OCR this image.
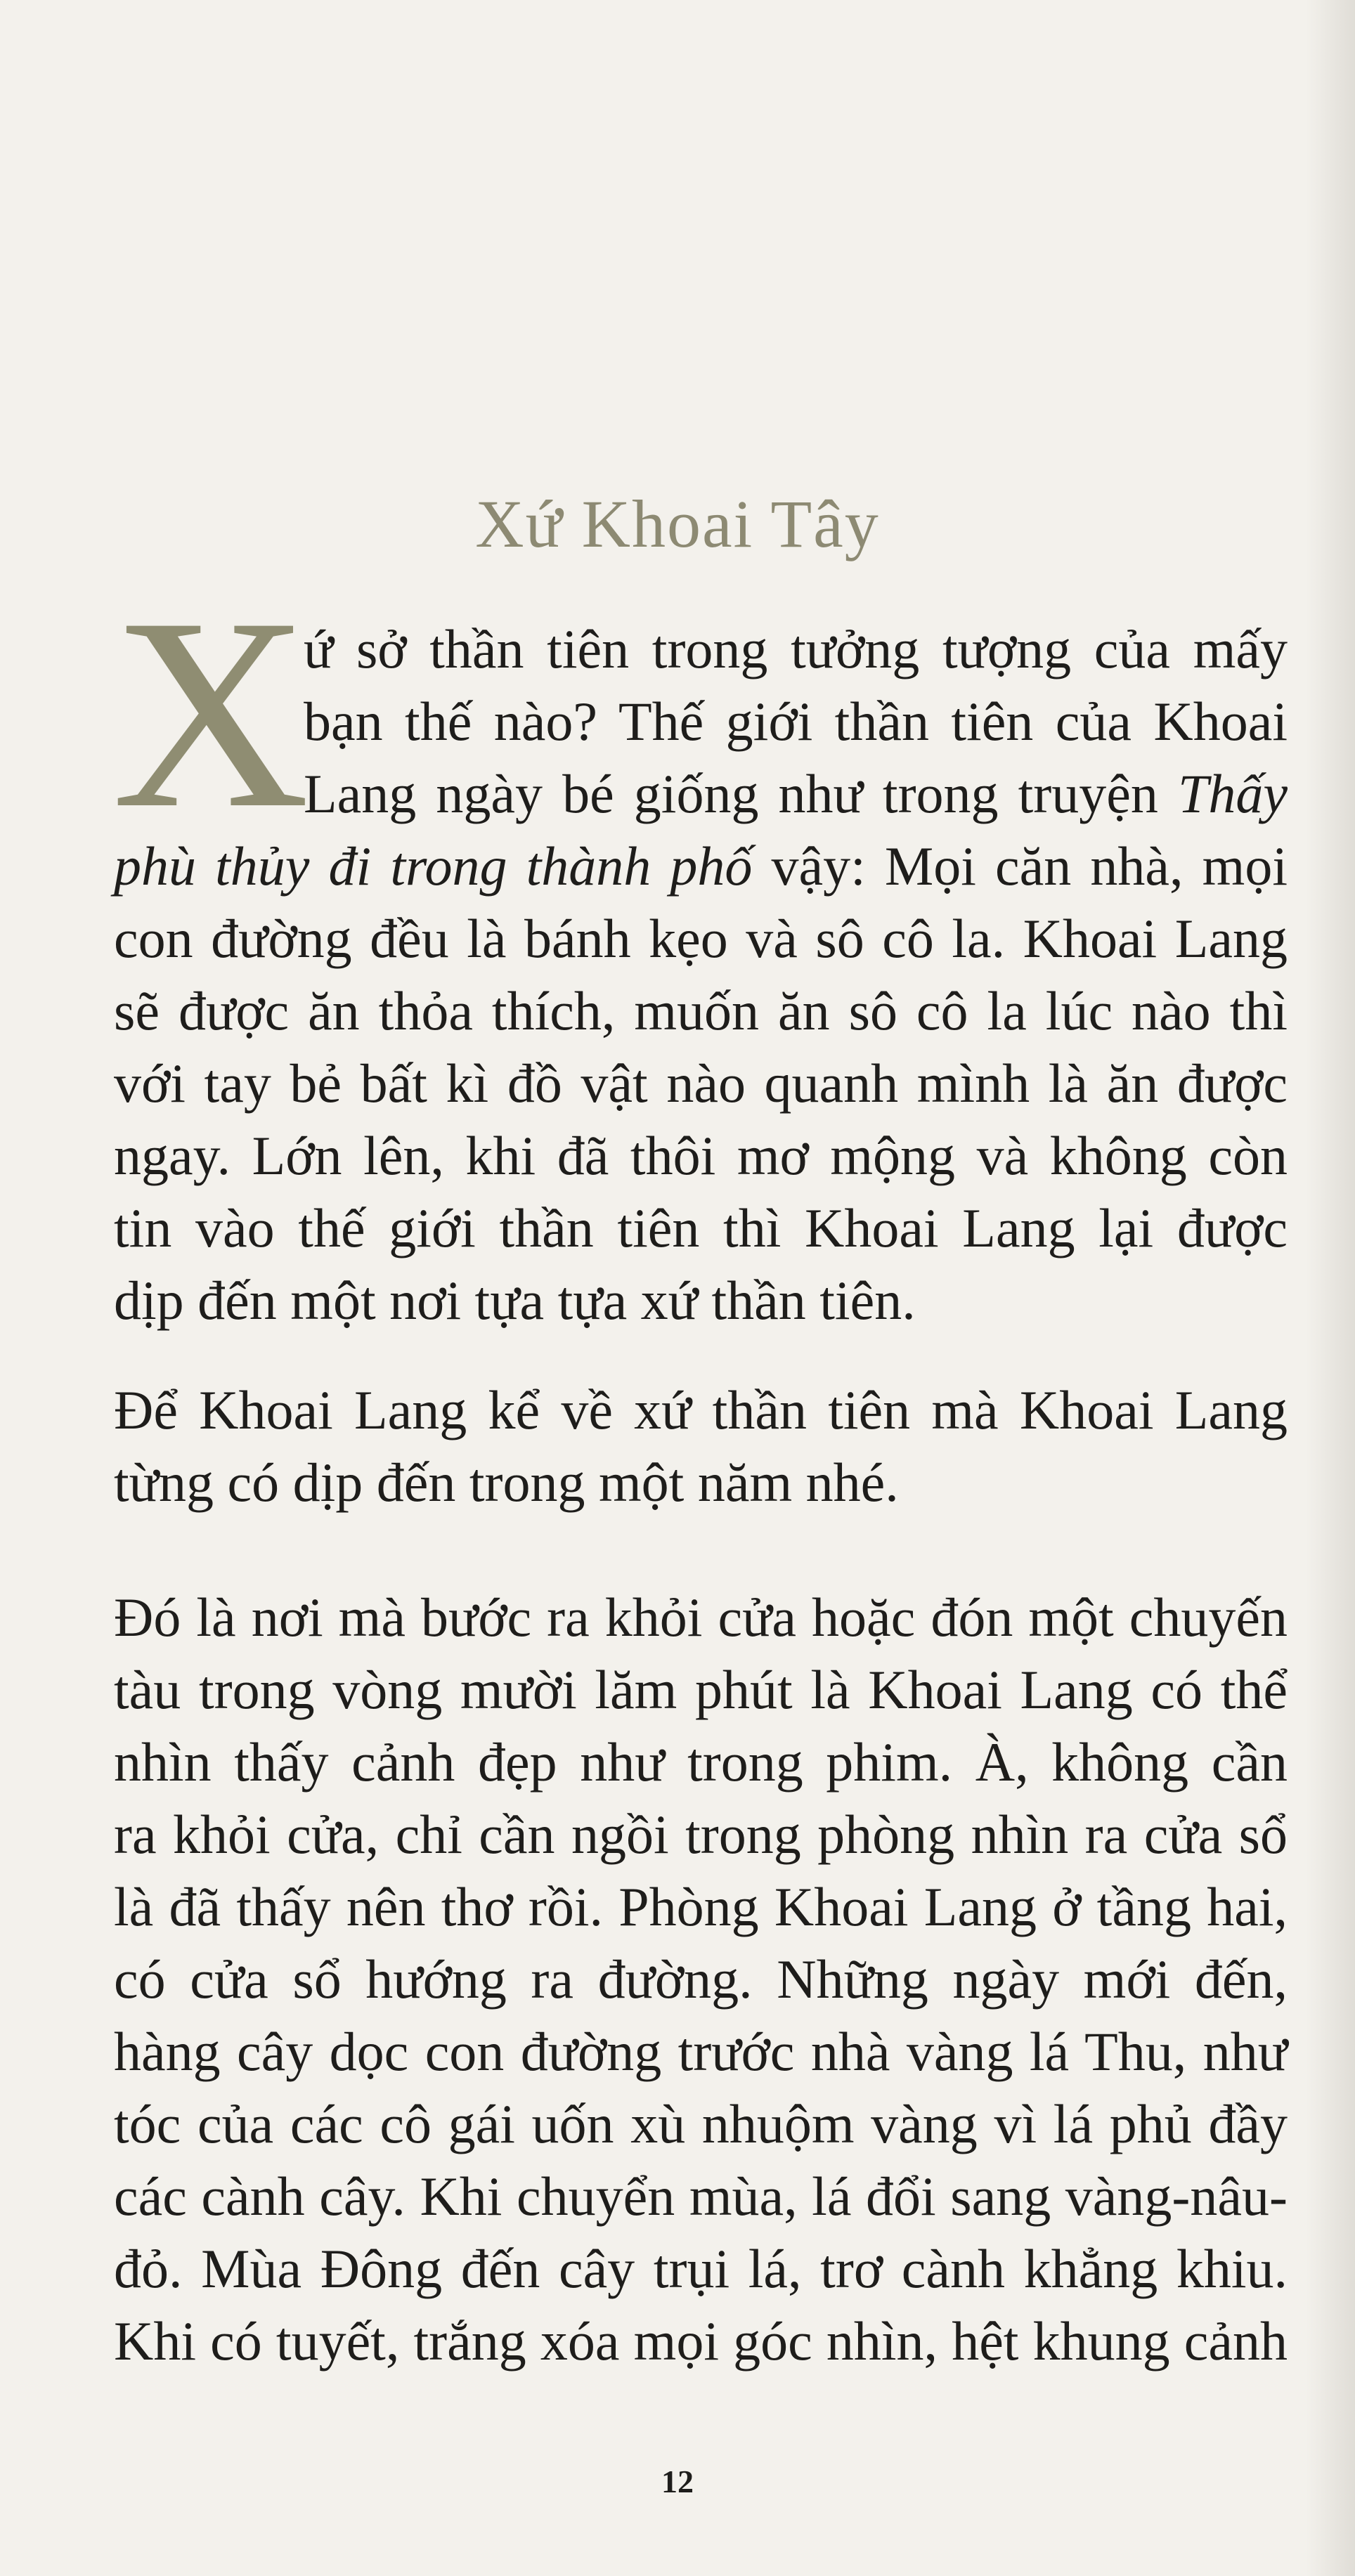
Xứ Khoai Tây
X
ứ sở thần tiên trong tưởng tượng của mấy
bạn thế nào? Thế giới thần tiên của Khoai
Lang ngày bé giống như trong truyện Thấy
phù thủy đi trong thành phố vậy: Mọi căn nhà, mọi
con đường đều là bánh kẹo và sô cô la. Khoai Lang
sẽ được ăn thỏa thích, muốn ăn sô cô la lúc nào thì
với tay bẻ bất kì đồ vật nào quanh mình là ăn được
ngay. Lớn lên, khi đã thôi mơ mộng và không còn
tin vào thế giới thần tiên thì Khoai Lang lại được
dịp đến một nơi tựa tựa xứ thần tiên.
Để Khoai Lang kể về xứ thần tiên mà Khoai Lang
từng có dịp đến trong một năm nhé.
Đó là nơi mà bước ra khỏi cửa hoặc đón một chuyến
tàu trong vòng mười lăm phút là Khoai Lang có thể
nhìn thấy cảnh đẹp như trong phim. À, không cần
ra khỏi cửa, chỉ cần ngồi trong phòng nhìn ra cửa sổ
là đã thấy nên thơ rồi. Phòng Khoai Lang ở tầng hai,
có cửa sổ hướng ra đường. Những ngày mới đến,
hàng cây dọc con đường trước nhà vàng lá Thu, như
tóc của các cô gái uốn xù nhuộm vàng vì lá phủ đầy
các cành cây. Khi chuyển mùa, lá đổi sang vàng-nâu-
đỏ. Mùa Đông đến cây trụi lá, trơ cành khẳng khiu.
Khi có tuyết, trắng xóa mọi góc nhìn, hệt khung cảnh
12
